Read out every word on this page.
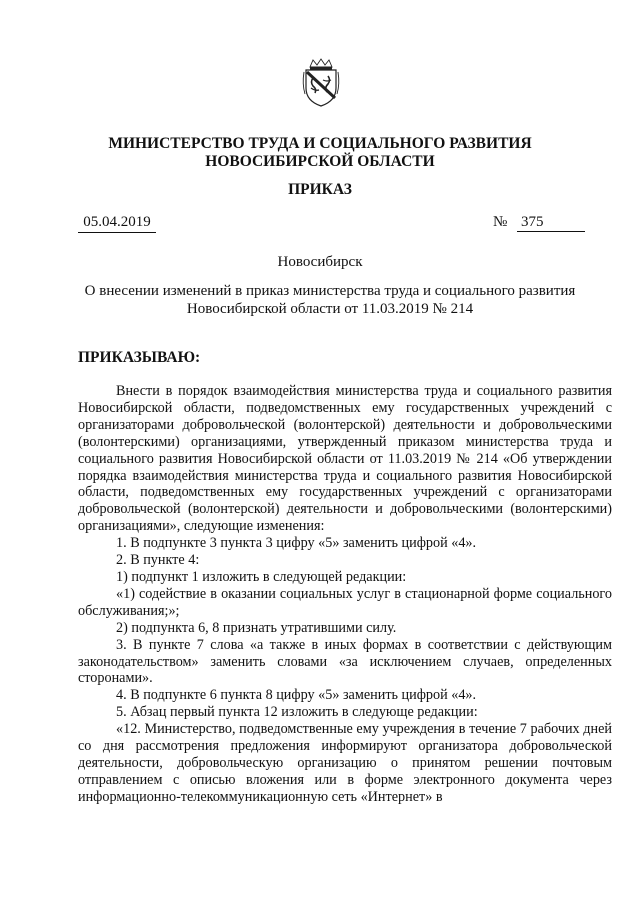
МИНИСТЕРСТВО ТРУДА И СОЦИАЛЬНОГО РАЗВИТИЯ
НОВОСИБИРСКОЙ ОБЛАСТИ
ПРИКАЗ
05.04.2019	№ 375
Новосибирск
О внесении изменений в приказ министерства труда и социального развития
Новосибирской области от 11.03.2019 № 214
ПРИКАЗЫВАЮ:

Внести в порядок взаимодействия министерства труда и социального развития Новосибирской области, подведомственных ему государственных учреждений с организаторами добровольческой (волонтерской) деятельности и добровольческими (волонтерскими) организациями, утвержденный приказом министерства труда и социального развития Новосибирской области от 11.03.2019 № 214 «Об утверждении порядка взаимодействия министерства труда и социального развития Новосибирской области, подведомственных ему государственных учреждений с организаторами добровольческой (волонтерской) деятельности и добровольческими (волонтерскими) организациями», следующие изменения:

1. В подпункте 3 пункта 3 цифру «5» заменить цифрой «4».

2. В пункте 4:

1) подпункт 1 изложить в следующей редакции:

«1) содействие в оказании социальных услуг в стационарной форме социального обслуживания;»;

2) подпункта 6, 8 признать утратившими силу.

3. В пункте 7 слова «а также в иных формах в соответствии с действующим законодательством» заменить словами «за исключением случаев, определенных сторонами».

4. В подпункте 6 пункта 8 цифру «5» заменить цифрой «4».

5. Абзац первый пункта 12 изложить в следующе редакции:

«12. Министерство, подведомственные ему учреждения в течение 7 рабочих дней со дня рассмотрения предложения информируют организатора добровольческой деятельности, добровольческую организацию о принятом решении почтовым отправлением с описью вложения или в форме электронного документа через информационно-телекоммуникационную сеть «Интернет» в
